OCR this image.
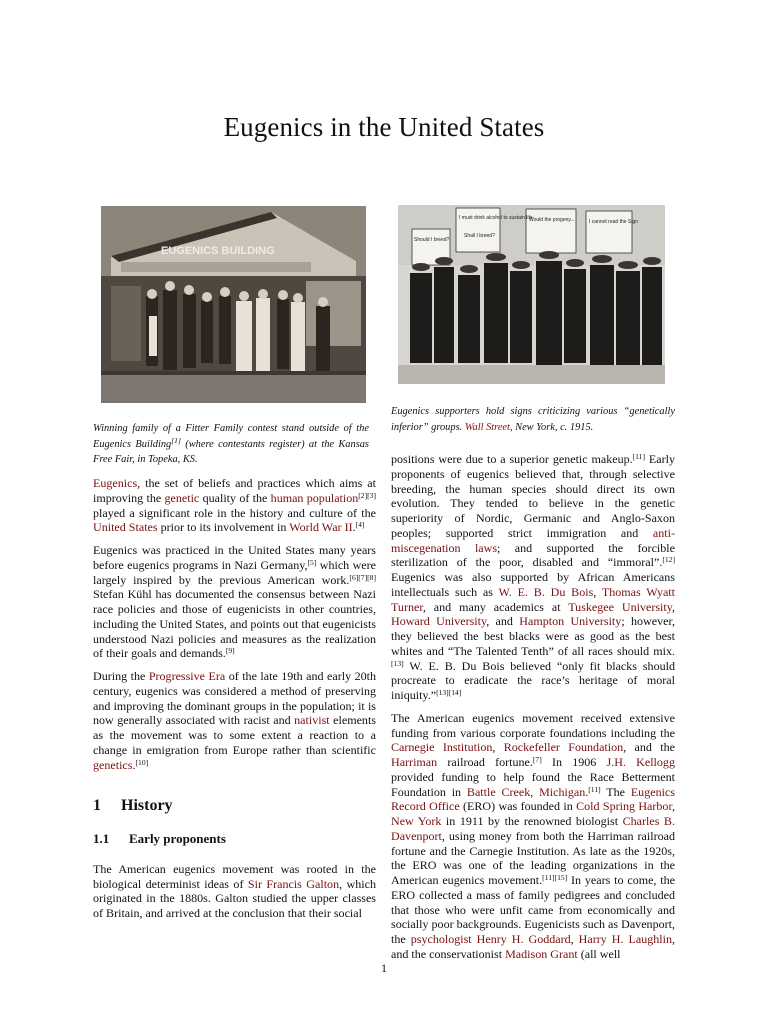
Eugenics in the United States
EUGENICS BUILDING
I must drink alcohol to sustain life
Shall I breed?
Would the progeny...	I cannot read the Sign
Should I breed?
Winning family of a Fitter Family contest stand outside of the Eugenics Building[1] (where contestants register) at the Kansas Free Fair, in Topeka, KS.
Eugenics supporters hold signs criticizing various “genetically inferior” groups. Wall Street, New York, c. 1915.

Eugenics, the set of beliefs and practices which aims at improving the genetic quality of the human population[2][3] played a significant role in the history and culture of the United States prior to its involvement in World War II.[4]

Eugenics was practiced in the United States many years before eugenics programs in Nazi Germany,[5] which were largely inspired by the previous American work.[6][7][8] Stefan Kühl has documented the consensus between Nazi race policies and those of eugenicists in other countries, including the United States, and points out that eugenicists understood Nazi policies and measures as the realization of their goals and demands.[9]

During the Progressive Era of the late 19th and early 20th century, eugenics was considered a method of preserving and improving the dominant groups in the population; it is now generally associated with racist and nativist elements as the movement was to some extent a reaction to a change in emigration from Europe rather than scientific genetics.[10]

1 History
1.1 Early proponents

The American eugenics movement was rooted in the biological determinist ideas of Sir Francis Galton, which originated in the 1880s. Galton studied the upper classes of Britain, and arrived at the conclusion that their social

positions were due to a superior genetic makeup.[11] Early proponents of eugenics believed that, through selective breeding, the human species should direct its own evolution. They tended to believe in the genetic superiority of Nordic, Germanic and Anglo-Saxon peoples; supported strict immigration and anti-miscegenation laws; and supported the forcible sterilization of the poor, disabled and “immoral”.[12] Eugenics was also supported by African Americans intellectuals such as W. E. B. Du Bois, Thomas Wyatt Turner, and many academics at Tuskegee University, Howard University, and Hampton University; however, they believed the best blacks were as good as the best whites and “The Talented Tenth” of all races should mix.[13] W. E. B. Du Bois believed “only fit blacks should procreate to eradicate the race’s heritage of moral iniquity.”[13][14]

The American eugenics movement received extensive funding from various corporate foundations including the Carnegie Institution, Rockefeller Foundation, and the Harriman railroad fortune.[7] In 1906 J.H. Kellogg provided funding to help found the Race Betterment Foundation in Battle Creek, Michigan.[11] The Eugenics Record Office (ERO) was founded in Cold Spring Harbor, New York in 1911 by the renowned biologist Charles B. Davenport, using money from both the Harriman railroad fortune and the Carnegie Institution. As late as the 1920s, the ERO was one of the leading organizations in the American eugenics movement.[11][15] In years to come, the ERO collected a mass of family pedigrees and concluded that those who were unfit came from economically and socially poor backgrounds. Eugenicists such as Davenport, the psychologist Henry H. Goddard, Harry H. Laughlin, and the conservationist Madison Grant (all well

1
